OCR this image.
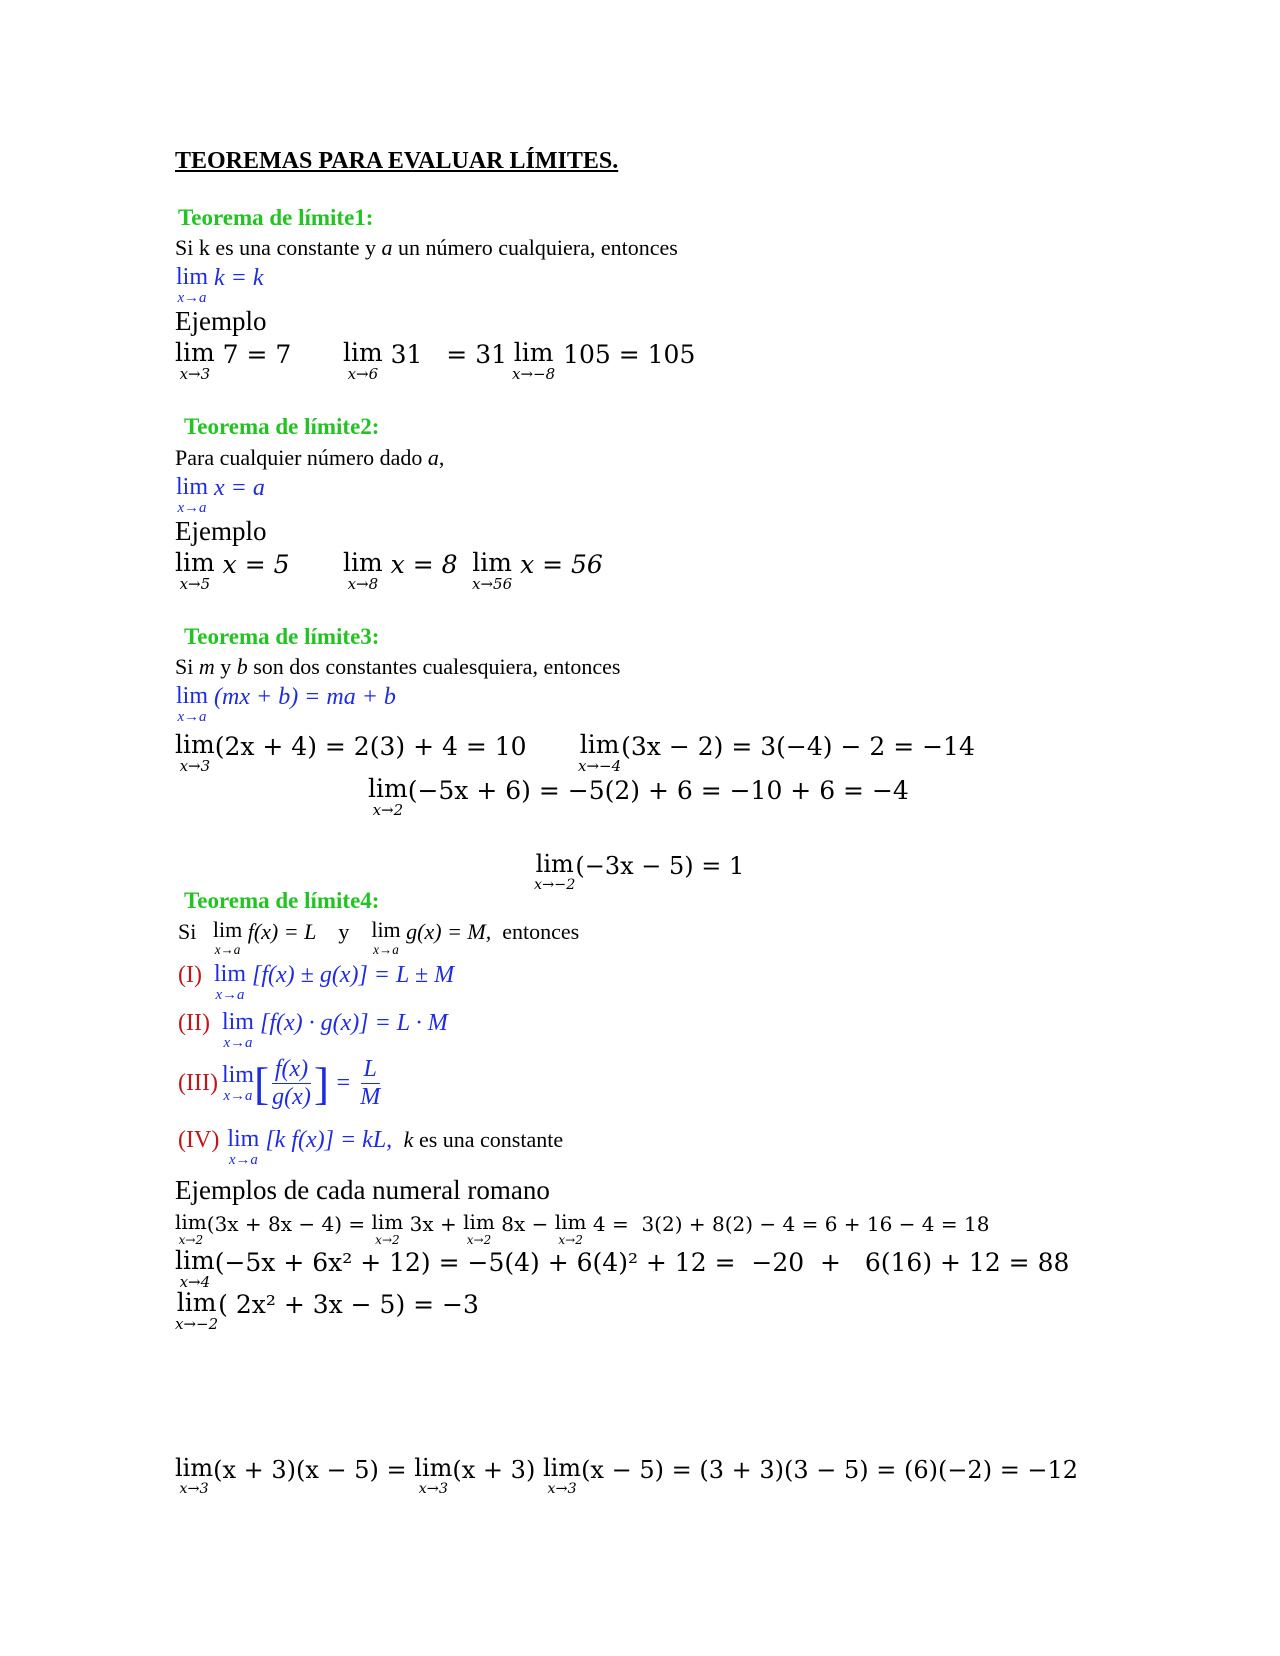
TEOREMAS PARA EVALUAR LÍMITES.
Teorema de límite1:
Si k es una constante y a un número cualquiera, entonces
lim
x→a
k = k
Ejemplo
lim
x→3
7 = 7 lim
x→6
31   = 31 lim
x→−8
105 = 105
Teorema de límite2:
Para cualquier número dado a,
lim
x→a
x = a
Ejemplo
lim
x→5
x = 5 lim
x→8
x = 8 lim
x→56
x = 56
Teorema de límite3:
Si m y b son dos constantes cualesquiera, entonces
lim
x→a
(mx + b) = ma + b
lim
x→3
(2x + 4) = 2(3) + 4 = 10 lim
x→−4
(3x − 2) = 3(−4) − 2 = −14
lim
x→2
(−5x + 6) = −5(2) + 6 = −10 + 6 = −4
lim
x→−2
(−3x − 5) = 1
Teorema de límite4:
Si lim
x→a
f(x) = L y lim
x→a
g(x) = M, entonces
(I) lim
x→a
[f(x) ± g(x)] = L ± M
(II) lim
x→a
[f(x) · g(x)] = L · M
(III)
lim
x→a [ $\frac{f(x)}{g(x)}$ ] = $\frac{L}{M}$
(IV) lim
x→a
[k f(x)] = kL, k es una constante
Ejemplos de cada numeral romano
lim
x→2
(3x + 8x − 4) = lim
x→2
3x + lim
x→2
8x − lim
x→2
4 = 3(2) + 8(2) − 4 = 6 + 16 − 4 = 18
lim
x→4
(−5x + 6x² + 12) = −5(4) + 6(4)² + 12 =  −20  +   6(16) + 12 = 88
lim
x→−2
( 2x² + 3x − 5) = −3
lim
x→3
(x + 3)(x − 5) = lim
x→3
(x + 3) lim
x→3
(x − 5) = (3 + 3)(3 − 5) = (6)(−2) = −12
